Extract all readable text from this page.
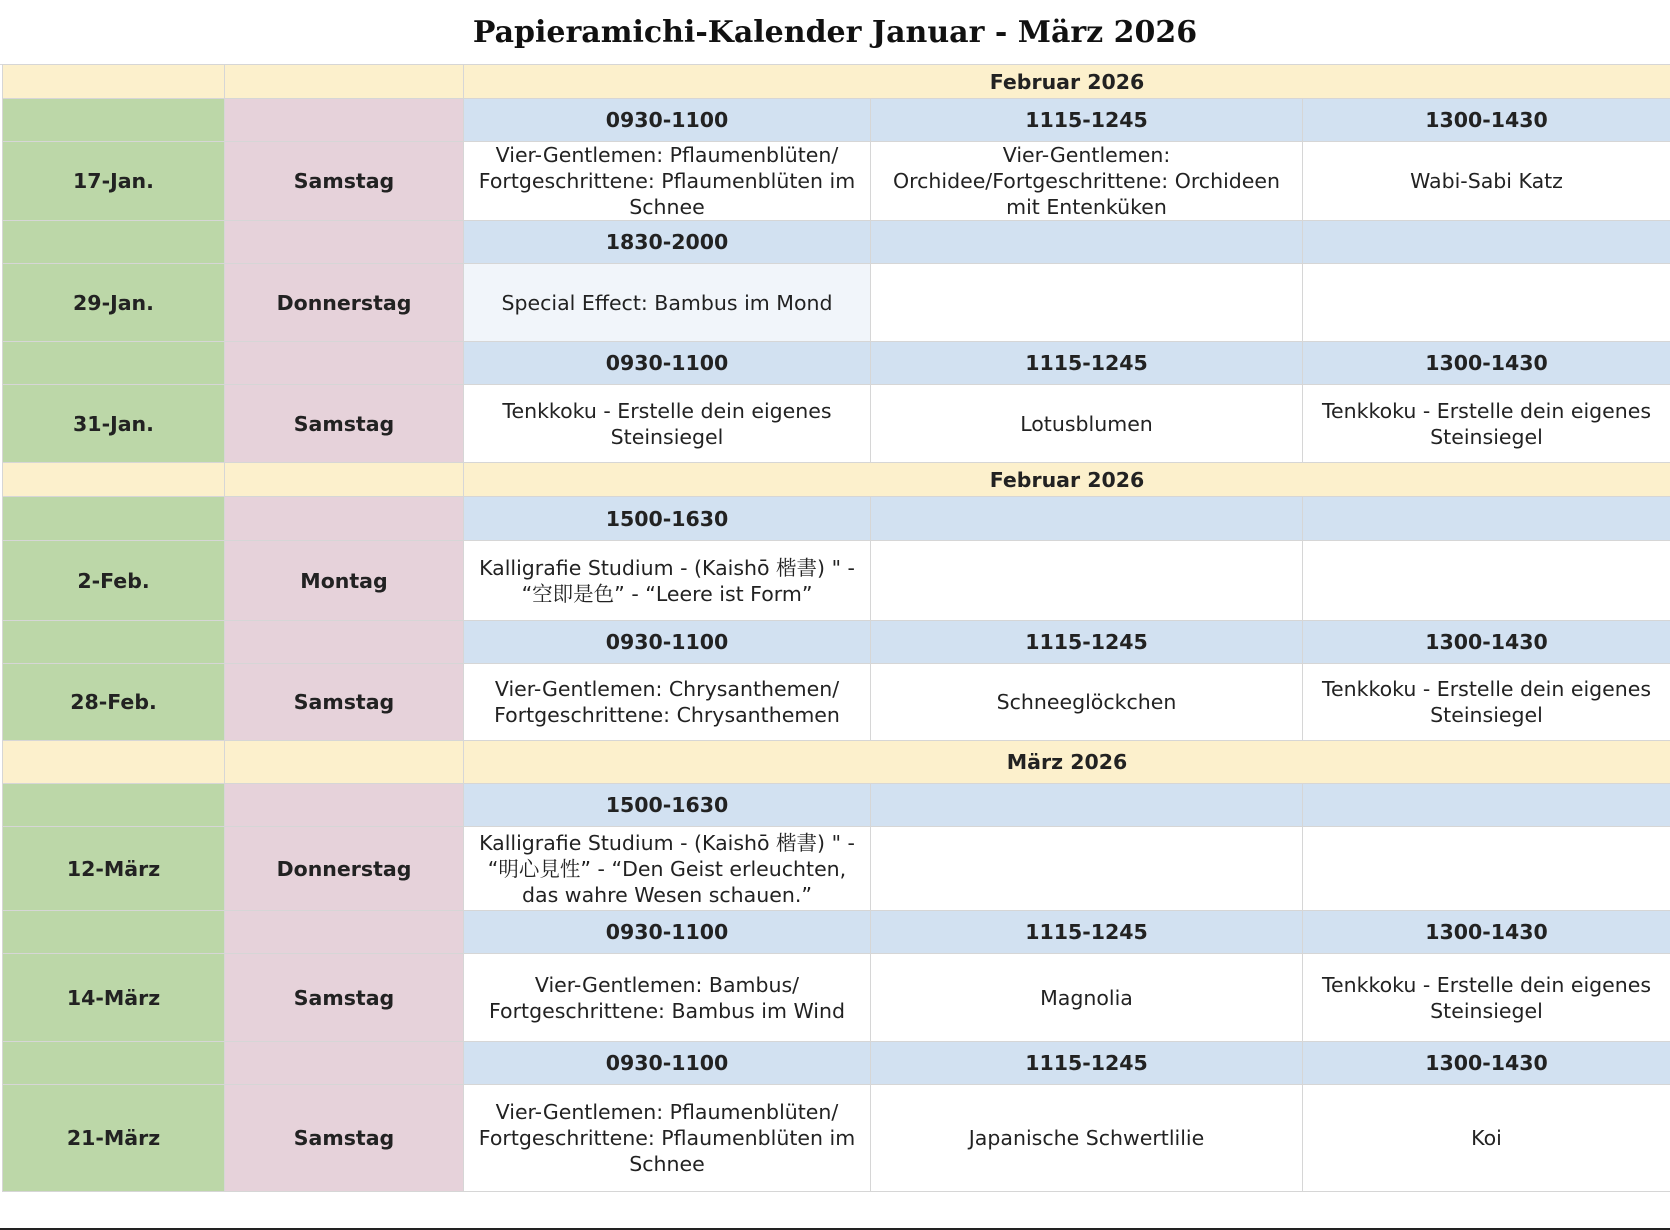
Papieramichi-Kalender Januar - März 2026
		Februar 2026		
		0930-1100	1115-1245	1300-1430
17-Jan.	Samstag	Vier-Gentlemen: Pflaumenblüten/ Fortgeschrittene: Pflaumenblüten im Schnee	Vier-Gentlemen: Orchidee/Fortgeschrittene: Orchideen mit Entenküken	Wabi-Sabi Katz
		1830-2000		
29-Jan.	Donnerstag	Special Effect: Bambus im Mond		
		0930-1100	1115-1245	1300-1430
31-Jan.	Samstag	Tenkkoku - Erstelle dein eigenes Steinsiegel	Lotusblumen	Tenkkoku - Erstelle dein eigenes Steinsiegel
		Februar 2026		
		1500-1630		
2-Feb.	Montag	Kalligrafie Studium - (Kaishō 楷書) " - “空即是色” - “Leere ist Form”		
		0930-1100	1115-1245	1300-1430
28-Feb.	Samstag	Vier-Gentlemen: Chrysanthemen/ Fortgeschrittene: Chrysanthemen	Schneeglöckchen	Tenkkoku - Erstelle dein eigenes Steinsiegel
		März 2026		
		1500-1630		
12-März	Donnerstag	Kalligrafie Studium - (Kaishō 楷書) " - “明心見性” - “Den Geist erleuchten, das wahre Wesen schauen.”		
		0930-1100	1115-1245	1300-1430
14-März	Samstag	Vier-Gentlemen: Bambus/ Fortgeschrittene: Bambus im Wind	Magnolia	Tenkkoku - Erstelle dein eigenes Steinsiegel
		0930-1100	1115-1245	1300-1430
21-März	Samstag	Vier-Gentlemen: Pflaumenblüten/ Fortgeschrittene: Pflaumenblüten im Schnee	Japanische Schwertlilie	Koi
